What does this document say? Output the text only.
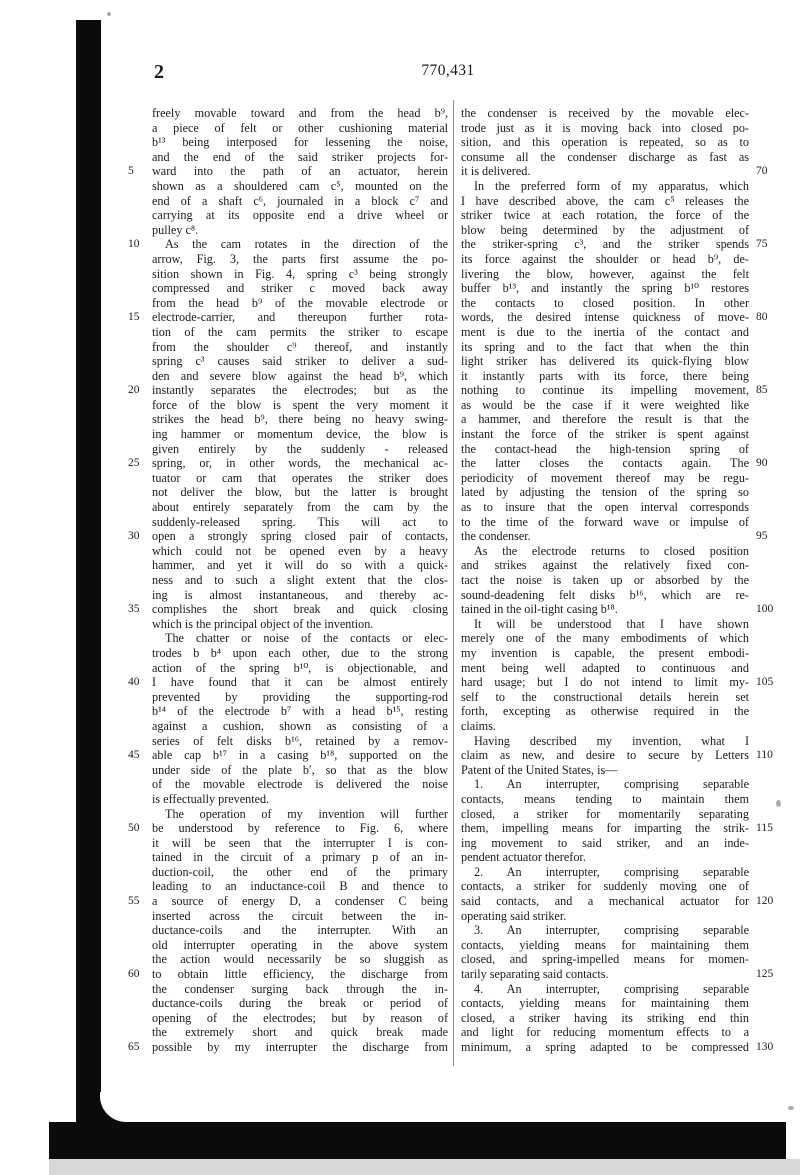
2	770,431
freely movable toward and from the head b⁹,
a piece of felt or other cushioning material
b¹³ being interposed for lessening the noise,
and the end of the said striker projects for-
ward into the path of an actuator, herein
5
shown as a shouldered cam c⁵, mounted on the
end of a shaft c⁶, journaled in a block c⁷ and
carrying at its opposite end a drive wheel or
pulley c⁸.
As the cam rotates in the direction of the
10
arrow, Fig. 3, the parts first assume the po-
sition shown in Fig. 4, spring c³ being strongly
compressed and striker c moved back away
from the head b⁹ of the movable electrode or
electrode-carrier, and thereupon further rota-
15
tion of the cam permits the striker to escape
from the shoulder c⁹ thereof, and instantly
spring c³ causes said striker to deliver a sud-
den and severe blow against the head b⁹, which
instantly separates the electrodes; but as the
20
force of the blow is spent the very moment it
strikes the head b⁹, there being no heavy swing-
ing hammer or momentum device, the blow is
given entirely by the suddenly - released
spring, or, in other words, the mechanical ac-
25
tuator or cam that operates the striker does
not deliver the blow, but the latter is brought
about entirely separately from the cam by the
suddenly-released spring. This will act to
open a strongly spring closed pair of contacts,
30
which could not be opened even by a heavy
hammer, and yet it will do so with a quick-
ness and to such a slight extent that the clos-
ing is almost instantaneous, and thereby ac-
complishes the short break and quick closing
35
which is the principal object of the invention.
The chatter or noise of the contacts or elec-
trodes b b⁴ upon each other, due to the strong
action of the spring b¹⁰, is objectionable, and
I have found that it can be almost entirely
40
prevented by providing the supporting-rod
b¹⁴ of the electrode b⁷ with a head b¹⁵, resting
against a cushion, shown as consisting of a
series of felt disks b¹⁶, retained by a remov-
able cap b¹⁷ in a casing b¹⁸, supported on the
45
under side of the plate b′, so that as the blow
of the movable electrode is delivered the noise
is effectually prevented.
The operation of my invention will further
be understood by reference to Fig. 6, where
50
it will be seen that the interrupter I is con-
tained in the circuit of a primary p of an in-
duction-coil, the other end of the primary
leading to an inductance-coil B and thence to
a source of energy D, a condenser C being
55
inserted across the circuit between the in-
ductance-coils and the interrupter. With an
old interrupter operating in the above system
the action would necessarily be so sluggish as
to obtain little efficiency, the discharge from
60
the condenser surging back through the in-
ductance-coils during the break or period of
opening of the electrodes; but by reason of
the extremely short and quick break made
possible by my interrupter the discharge from
65
the condenser is received by the movable elec-
trode just as it is moving back into closed po-
sition, and this operation is repeated, so as to
consume all the condenser discharge as fast as
it is delivered.	70
In the preferred form of my apparatus, which
I have described above, the cam c⁵ releases the
striker twice at each rotation, the force of the
blow being determined by the adjustment of
the striker-spring c³, and the striker spends 75
its force against the shoulder or head b⁹, de-
livering the blow, however, against the felt
buffer b¹³, and instantly the spring b¹⁰ restores
the contacts to closed position. In other
words, the desired intense quickness of move- 80
ment is due to the inertia of the contact and
its spring and to the fact that when the thin
light striker has delivered its quick-flying blow
it instantly parts with its force, there being
nothing to continue its impelling movement, 85
as would be the case if it were weighted like
a hammer, and therefore the result is that the
instant the force of the striker is spent against
the contact-head the high-tension spring of
the latter closes the contacts again. The 90
periodicity of movement thereof may be regu-
lated by adjusting the tension of the spring so
as to insure that the open interval corresponds
to the time of the forward wave or impulse of
the condenser.	95
As the electrode returns to closed position
and strikes against the relatively fixed con-
tact the noise is taken up or absorbed by the
sound-deadening felt disks b¹⁶, which are re-
tained in the oil-tight casing b¹⁸.	100
It will be understood that I have shown
merely one of the many embodiments of which
my invention is capable, the present embodi-
ment being well adapted to continuous and
hard usage; but I do not intend to limit my- 105
self to the constructional details herein set
forth, excepting as otherwise required in the
claims.
Having described my invention, what I
claim as new, and desire to secure by Letters 110
Patent of the United States, is—
1. An interrupter, comprising separable
contacts, means tending to maintain them
closed, a striker for momentarily separating
them, impelling means for imparting the strik- 115
ing movement to said striker, and an inde-
pendent actuator therefor.
2. An interrupter, comprising separable
contacts, a striker for suddenly moving one of
said contacts, and a mechanical actuator for 120
operating said striker.
3. An interrupter, comprising separable
contacts, yielding means for maintaining them
closed, and spring-impelled means for momen-
tarily separating said contacts.	125
4. An interrupter, comprising separable
contacts, yielding means for maintaining them
closed, a striker having its striking end thin
and light for reducing momentum effects to a
minimum, a spring adapted to be compressed 130
